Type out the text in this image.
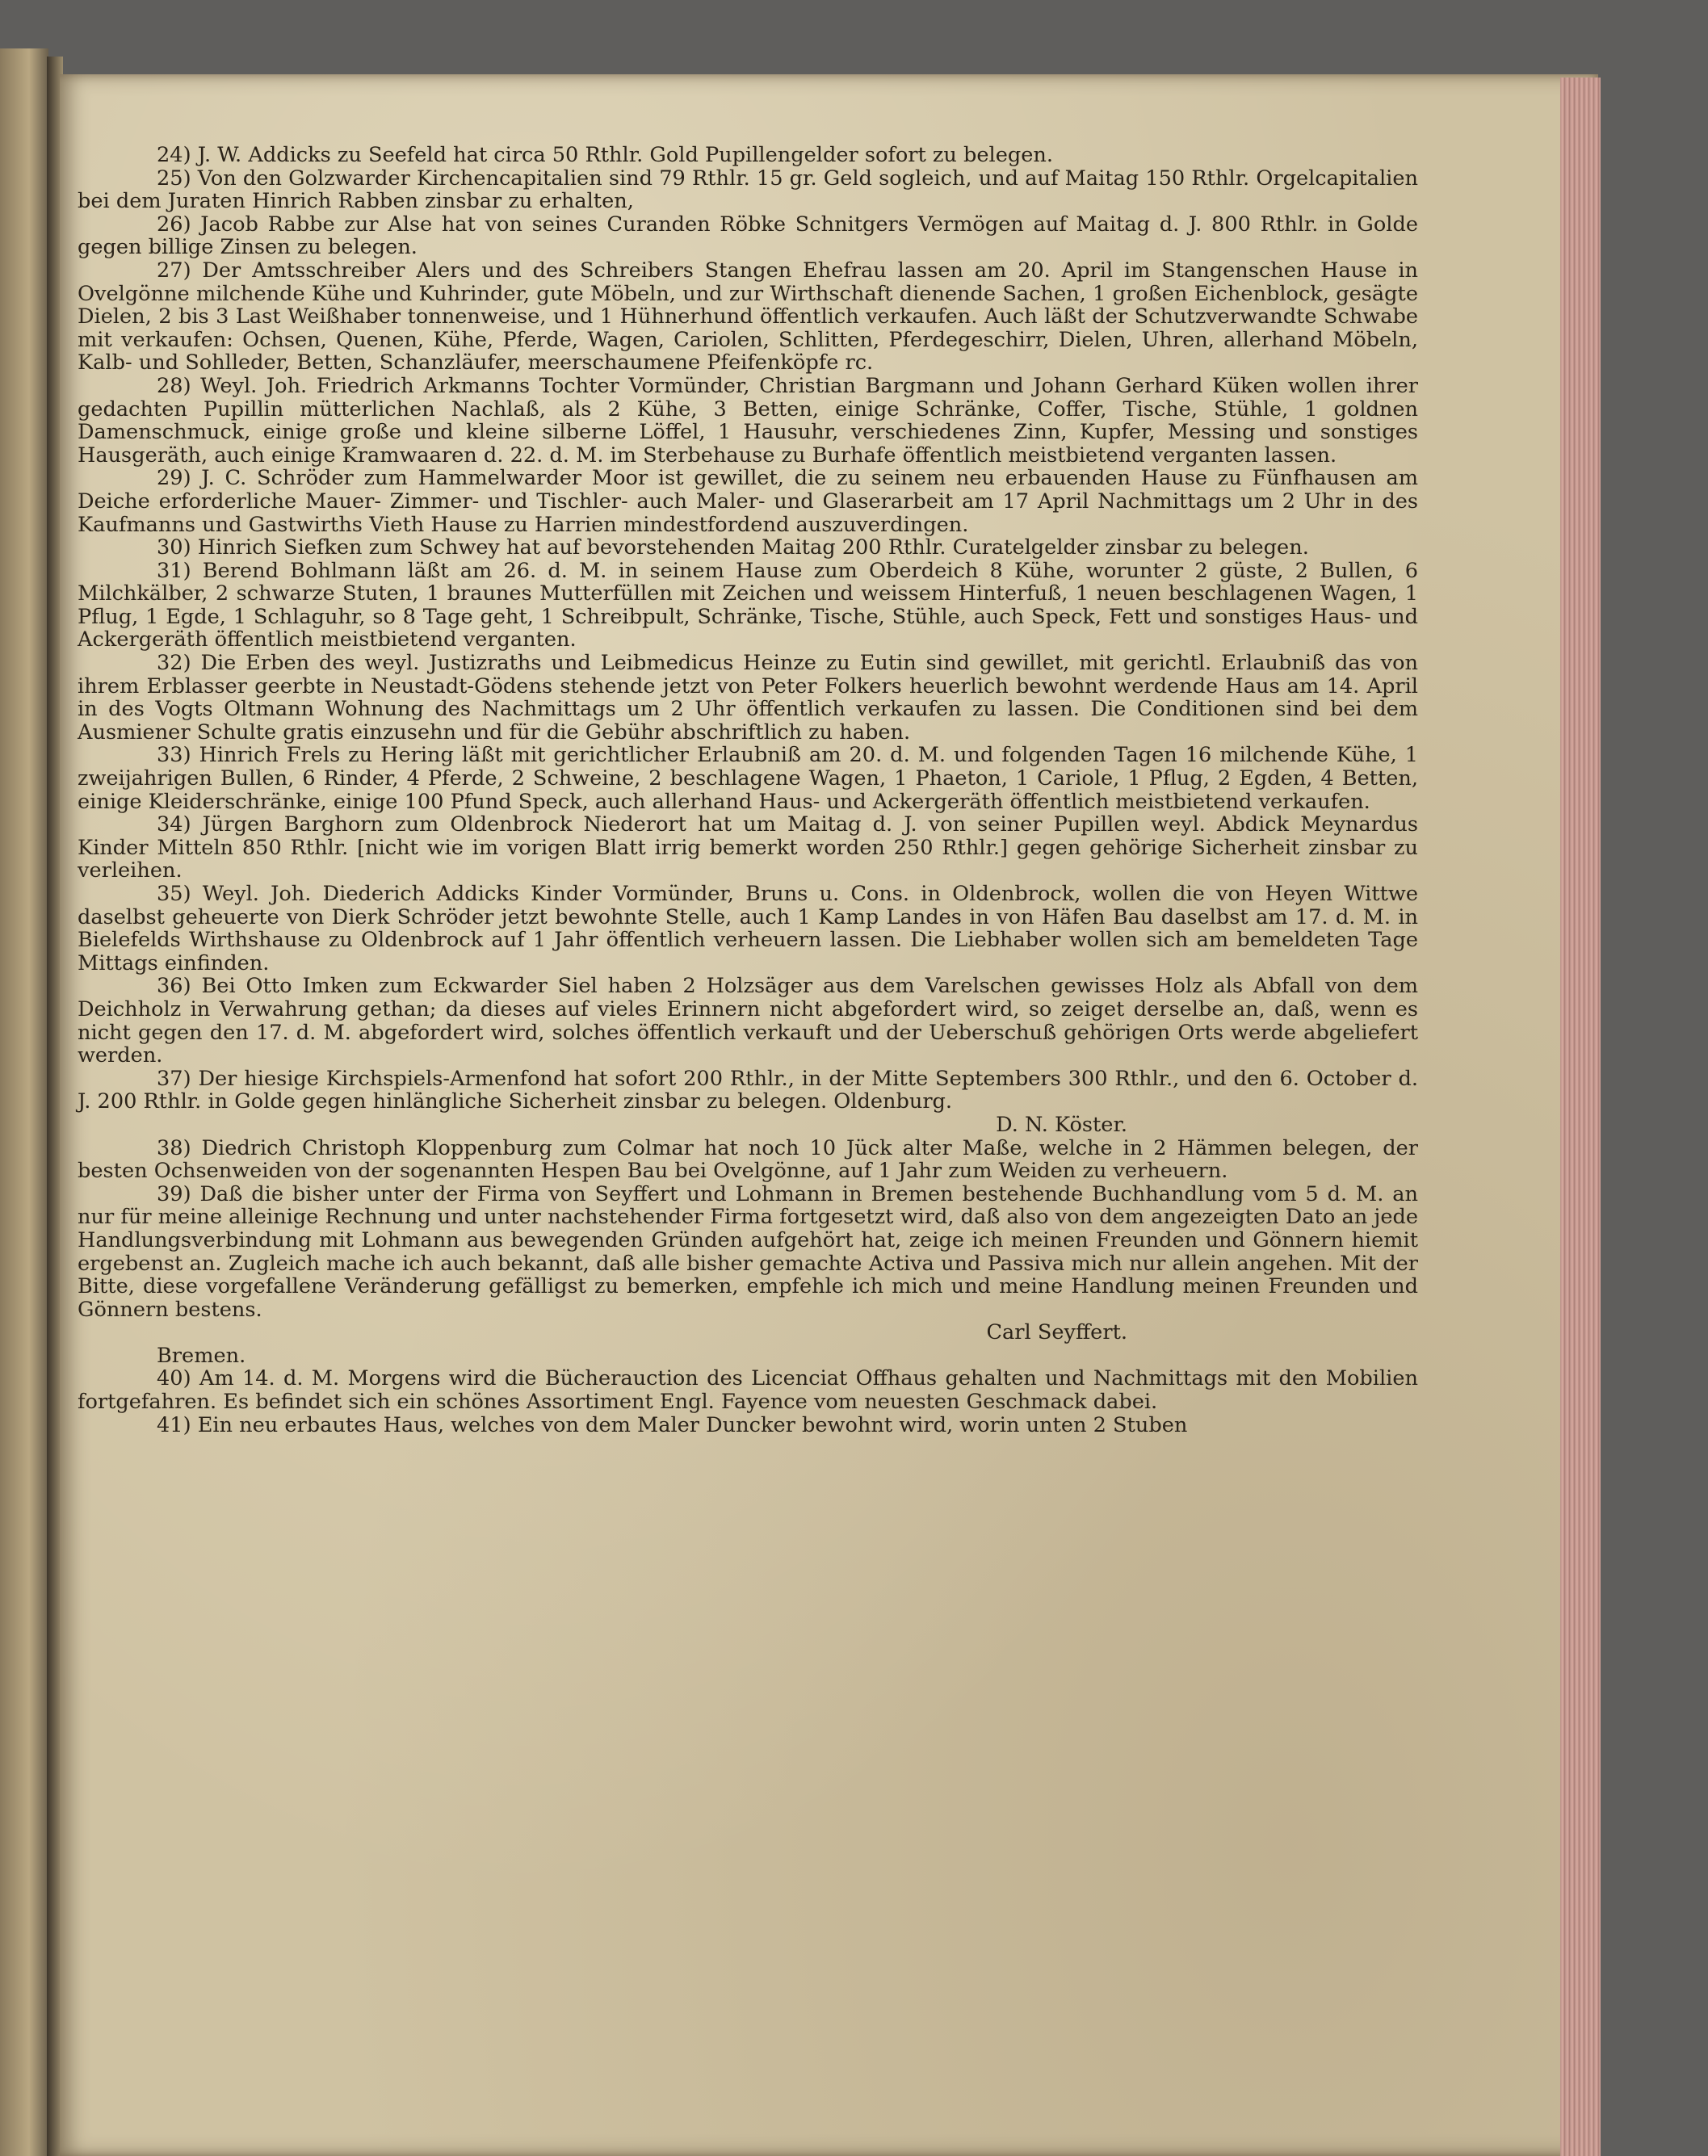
24) J. W. Addicks zu Seefeld hat circa 50 Rthlr. Gold Pupillengelder sofort zu belegen.

25) Von den Golzwarder Kirchencapitalien sind 79 Rthlr. 15 gr. Geld sogleich, und auf Maitag 150 Rthlr. Orgelcapitalien bei dem Juraten Hinrich Rabben zinsbar zu erhalten,

26) Jacob Rabbe zur Alse hat von seines Curanden Röbke Schnitgers Vermögen auf Maitag d. J. 800 Rthlr. in Golde gegen billige Zinsen zu belegen.

27) Der Amtsschreiber Alers und des Schreibers Stangen Ehefrau lassen am 20. April im Stangenschen Hause in Ovelgönne milchende Kühe und Kuhrinder, gute Möbeln, und zur Wirthschaft dienende Sachen, 1 großen Eichenblock, gesägte Dielen, 2 bis 3 Last Weißhaber tonnenweise, und 1 Hühnerhund öffentlich verkaufen. Auch läßt der Schutzverwandte Schwabe mit verkaufen: Ochsen, Quenen, Kühe, Pferde, Wagen, Cariolen, Schlitten, Pferdegeschirr, Dielen, Uhren, allerhand Möbeln, Kalb- und Sohlleder, Betten, Schanzläufer, meerschaumene Pfeifenköpfe rc.

28) Weyl. Joh. Friedrich Arkmanns Tochter Vormünder, Christian Bargmann und Johann Gerhard Küken wollen ihrer gedachten Pupillin mütterlichen Nachlaß, als 2 Kühe, 3 Betten, einige Schränke, Coffer, Tische, Stühle, 1 goldnen Damenschmuck, einige große und kleine silberne Löffel, 1 Hausuhr, verschiedenes Zinn, Kupfer, Messing und sonstiges Hausgeräth, auch einige Kramwaaren d. 22. d. M. im Sterbehause zu Burhafe öffentlich meistbietend verganten lassen.

29) J. C. Schröder zum Hammelwarder Moor ist gewillet, die zu seinem neu erbauenden Hause zu Fünfhausen am Deiche erforderliche Mauer- Zimmer- und Tischler- auch Maler- und Glaserarbeit am 17 April Nachmittags um 2 Uhr in des Kaufmanns und Gastwirths Vieth Hause zu Harrien mindestfordend auszuverdingen.

30) Hinrich Siefken zum Schwey hat auf bevorstehenden Maitag 200 Rthlr. Curatelgelder zinsbar zu belegen.

31) Berend Bohlmann läßt am 26. d. M. in seinem Hause zum Oberdeich 8 Kühe, worunter 2 güste, 2 Bullen, 6 Milchkälber, 2 schwarze Stuten, 1 braunes Mutterfüllen mit Zeichen und weissem Hinterfuß, 1 neuen beschlagenen Wagen, 1 Pflug, 1 Egde, 1 Schlaguhr, so 8 Tage geht, 1 Schreibpult, Schränke, Tische, Stühle, auch Speck, Fett und sonstiges Haus- und Ackergeräth öffentlich meistbietend verganten.

32) Die Erben des weyl. Justizraths und Leibmedicus Heinze zu Eutin sind gewillet, mit gerichtl. Erlaubniß das von ihrem Erblasser geerbte in Neustadt-Gödens stehende jetzt von Peter Folkers heuerlich bewohnt werdende Haus am 14. April in des Vogts Oltmann Wohnung des Nachmittags um 2 Uhr öffentlich verkaufen zu lassen. Die Conditionen sind bei dem Ausmiener Schulte gratis einzusehn und für die Gebühr abschriftlich zu haben.

33) Hinrich Frels zu Hering läßt mit gerichtlicher Erlaubniß am 20. d. M. und folgenden Tagen 16 milchende Kühe, 1 zweijahrigen Bullen, 6 Rinder, 4 Pferde, 2 Schweine, 2 beschlagene Wagen, 1 Phaeton, 1 Cariole, 1 Pflug, 2 Egden, 4 Betten, einige Kleiderschränke, einige 100 Pfund Speck, auch allerhand Haus- und Ackergeräth öffentlich meistbietend verkaufen.

34) Jürgen Barghorn zum Oldenbrock Niederort hat um Maitag d. J. von seiner Pupillen weyl. Abdick Meynardus Kinder Mitteln 850 Rthlr. [nicht wie im vorigen Blatt irrig bemerkt worden 250 Rthlr.] gegen gehörige Sicherheit zinsbar zu verleihen.

35) Weyl. Joh. Diederich Addicks Kinder Vormünder, Bruns u. Cons. in Oldenbrock, wollen die von Heyen Wittwe daselbst geheuerte von Dierk Schröder jetzt bewohnte Stelle, auch 1 Kamp Landes in von Häfen Bau daselbst am 17. d. M. in Bielefelds Wirthshause zu Oldenbrock auf 1 Jahr öffentlich verheuern lassen. Die Liebhaber wollen sich am bemeldeten Tage Mittags einfinden.

36) Bei Otto Imken zum Eckwarder Siel haben 2 Holzsäger aus dem Varelschen gewisses Holz als Abfall von dem Deichholz in Verwahrung gethan; da dieses auf vieles Erinnern nicht abgefordert wird, so zeiget derselbe an, daß, wenn es nicht gegen den 17. d. M. abgefordert wird, solches öffentlich verkauft und der Ueberschuß gehörigen Orts werde abgeliefert werden.

37) Der hiesige Kirchspiels-Armenfond hat sofort 200 Rthlr., in der Mitte Septembers 300 Rthlr., und den 6. October d. J. 200 Rthlr. in Golde gegen hinlängliche Sicherheit zinsbar zu belegen. Oldenburg.

D. N. Köster.

38) Diedrich Christoph Kloppenburg zum Colmar hat noch 10 Jück alter Maße, welche in 2 Hämmen belegen, der besten Ochsenweiden von der sogenannten Hespen Bau bei Ovelgönne, auf 1 Jahr zum Weiden zu verheuern.

39) Daß die bisher unter der Firma von Seyffert und Lohmann in Bremen bestehende Buchhandlung vom 5 d. M. an nur für meine alleinige Rechnung und unter nachstehender Firma fortgesetzt wird, daß also von dem angezeigten Dato an jede Handlungsverbindung mit Lohmann aus bewegenden Gründen aufgehört hat, zeige ich meinen Freunden und Gönnern hiemit ergebenst an. Zugleich mache ich auch bekannt, daß alle bisher gemachte Activa und Passiva mich nur allein angehen. Mit der Bitte, diese vorgefallene Veränderung gefälligst zu bemerken, empfehle ich mich und meine Handlung meinen Freunden und Gönnern bestens.

Carl Seyffert.

Bremen.

40) Am 14. d. M. Morgens wird die Bücherauction des Licenciat Offhaus gehalten und Nachmittags mit den Mobilien fortgefahren. Es befindet sich ein schönes Assortiment Engl. Fayence vom neuesten Geschmack dabei.

41) Ein neu erbautes Haus, welches von dem Maler Duncker bewohnt wird, worin unten 2 Stuben
